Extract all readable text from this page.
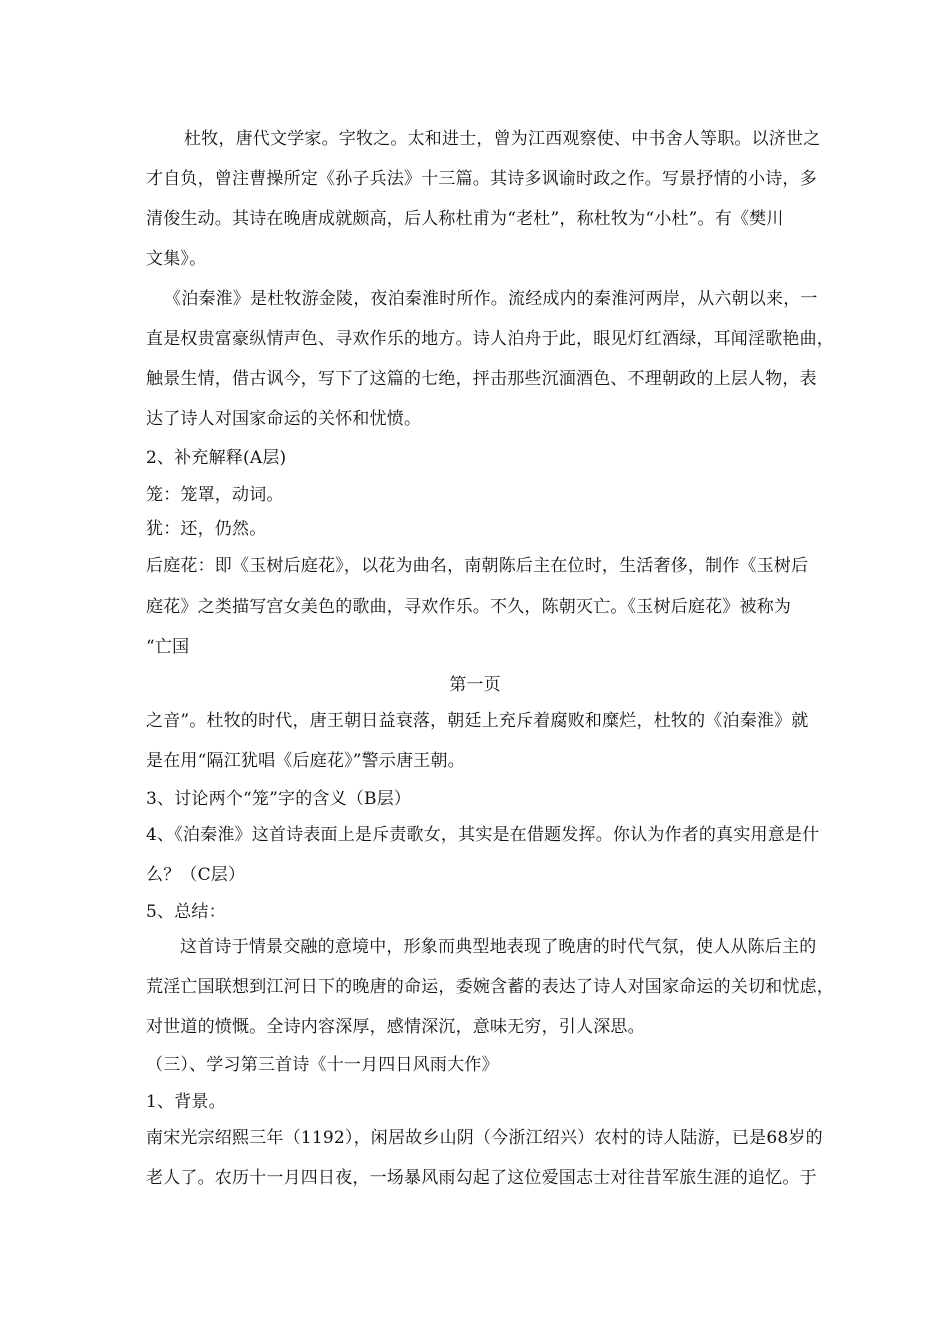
杜牧，唐代文学家。字牧之。太和进士，曾为江西观察使、中书舍人等职。以济世之
才自负，曾注曹操所定《孙子兵法》十三篇。其诗多讽谕时政之作。写景抒情的小诗，多
清俊生动。其诗在晚唐成就颇高，后人称杜甫为“老杜”，称杜牧为“小杜”。有《樊川
文集》。
《泊秦淮》是杜牧游金陵，夜泊秦淮时所作。流经成内的秦淮河两岸，从六朝以来，一
直是权贵富豪纵情声色、寻欢作乐的地方。诗人泊舟于此，眼见灯红酒绿，耳闻淫歌艳曲，
触景生情，借古讽今，写下了这篇的七绝，抨击那些沉湎酒色、不理朝政的上层人物，表
达了诗人对国家命运的关怀和忧愤。
2、补充解释(A层)
笼：笼罩，动词。
犹：还，仍然。
后庭花：即《玉树后庭花》，以花为曲名，南朝陈后主在位时，生活奢侈，制作《玉树后
庭花》之类描写宫女美色的歌曲，寻欢作乐。不久，陈朝灭亡。《玉树后庭花》被称为
“亡国
第一页
之音”。杜牧的时代，唐王朝日益衰落，朝廷上充斥着腐败和糜烂，杜牧的《泊秦淮》就
是在用“隔江犹唱《后庭花》”警示唐王朝。
3、讨论两个“笼”字的含义（B层）
4、《泊秦淮》这首诗表面上是斥责歌女，其实是在借题发挥。你认为作者的真实用意是什
么？（C层）
5、总结：
这首诗于情景交融的意境中，形象而典型地表现了晚唐的时代气氛，使人从陈后主的
荒淫亡国联想到江河日下的晚唐的命运，委婉含蓄的表达了诗人对国家命运的关切和忧虑，
对世道的愤慨。全诗内容深厚，感情深沉，意味无穷，引人深思。
（三）、学习第三首诗《十一月四日风雨大作》
1、背景。
南宋光宗绍熙三年（1192），闲居故乡山阴（今浙江绍兴）农村的诗人陆游，已是68岁的
老人了。农历十一月四日夜，一场暴风雨勾起了这位爱国志士对往昔军旅生涯的追忆。于
